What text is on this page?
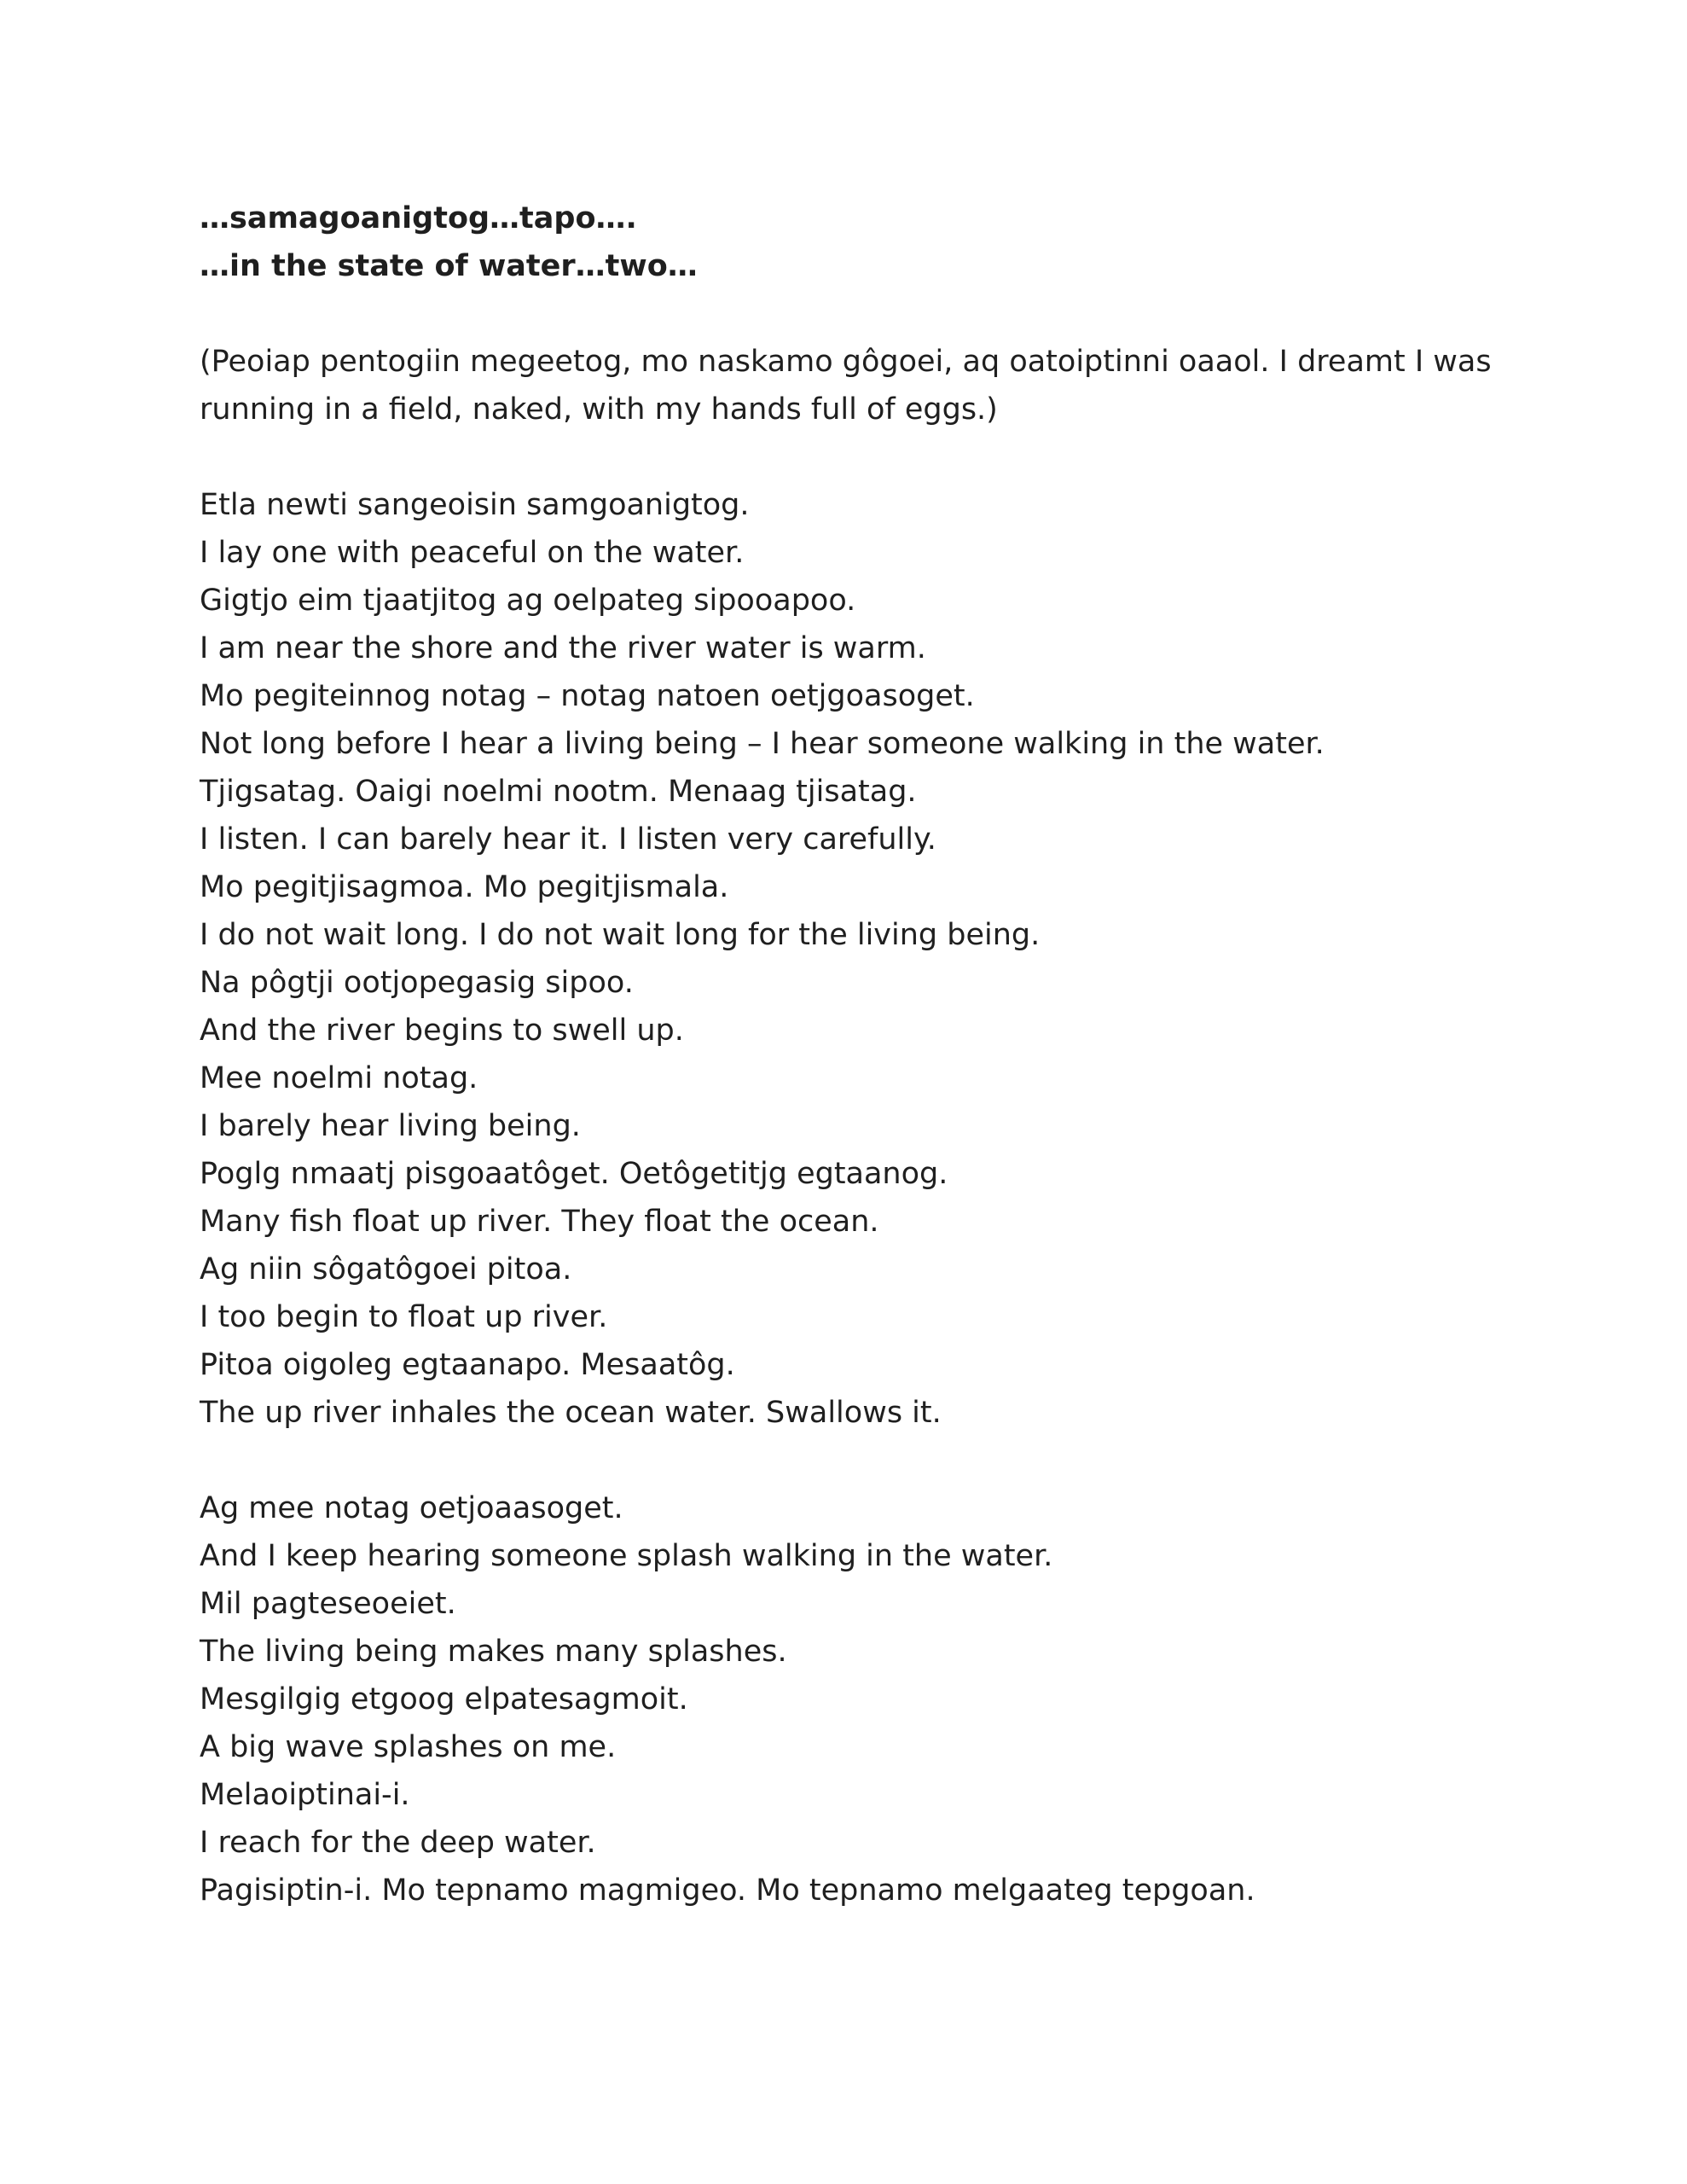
…samagoanigtog…tapo….
…in the state of water…two…
(Peoiap pentogiin megeetog, mo naskamo gôgoei, aq oatoiptinni oaaol. I dreamt I was running in a field, naked, with my hands full of eggs.)
Etla newti sangeoisin samgoanigtog.
I lay one with peaceful on the water.
Gigtjo eim tjaatjitog ag oelpateg sipooapoo.
I am near the shore and the river water is warm.
Mo pegiteinnog notag – notag natoen oetjgoasoget.
Not long before I hear a living being – I hear someone walking in the water.
Tjigsatag. Oaigi noelmi nootm. Menaag tjisatag.
I listen. I can barely hear it. I listen very carefully.
Mo pegitjisagmoa. Mo pegitjismala.
I do not wait long. I do not wait long for the living being.
Na pôgtji ootjopegasig sipoo.
And the river begins to swell up.
Mee noelmi notag.
I barely hear living being.
Poglg nmaatj pisgoaatôget. Oetôgetitjg egtaanog.
Many fish float up river. They float the ocean.
Ag niin sôgatôgoei pitoa.
I too begin to float up river.
Pitoa oigoleg egtaanapo. Mesaatôg.
The up river inhales the ocean water. Swallows it.
Ag mee notag oetjoaasoget.
And I keep hearing someone splash walking in the water.
Mil pagteseoeiet.
The living being makes many splashes.
Mesgilgig etgoog elpatesagmoit.
A big wave splashes on me.
Melaoiptinai-i.
I reach for the deep water.
Pagisiptin-i. Mo tepnamo magmigeo. Mo tepnamo melgaateg tepgoan.
